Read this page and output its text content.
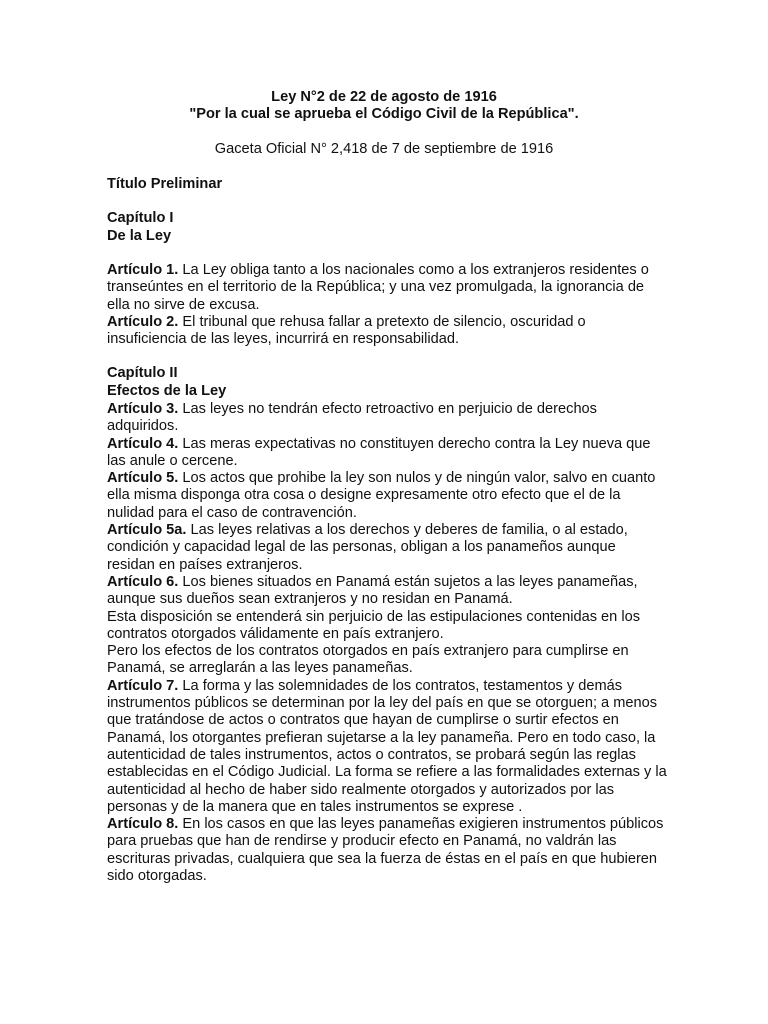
Ley N°2 de 22 de agosto de 1916
"Por la cual se aprueba el Código Civil de la República".
Gaceta Oficial N° 2,418 de 7 de septiembre de 1916
Título Preliminar
Capítulo I
De la Ley

Artículo 1. La Ley obliga tanto a los nacionales como a los extranjeros residentes o transeúntes en el territorio de la República; y una vez promulgada, la ignorancia de ella no sirve de excusa.

Artículo 2. El tribunal que rehusa fallar a pretexto de silencio, oscuridad o insuficiencia de las leyes, incurrirá en responsabilidad.

Capítulo II
Efectos de la Ley

Artículo 3. Las leyes no tendrán efecto retroactivo en perjuicio de derechos adquiridos.

Artículo 4. Las meras expectativas no constituyen derecho contra la Ley nueva que las anule o cercene.

Artículo 5. Los actos que prohibe la ley son nulos y de ningún valor, salvo en cuanto ella misma disponga otra cosa o designe expresamente otro efecto que el de la nulidad para el caso de contravención.

Artículo 5a. Las leyes relativas a los derechos y deberes de familia, o al estado, condición y capacidad legal de las personas, obligan a los panameños aunque residan en países extranjeros.

Artículo 6. Los bienes situados en Panamá están sujetos a las leyes panameñas, aunque sus dueños sean extranjeros y no residan en Panamá.

Esta disposición se entenderá sin perjuicio de las estipulaciones contenidas en los contratos otorgados válidamente en país extranjero.

Pero los efectos de los contratos otorgados en país extranjero para cumplirse en Panamá, se arreglarán a las leyes panameñas.

Artículo 7. La forma y las solemnidades de los contratos, testamentos y demás instrumentos públicos se determinan por la ley del país en que se otorguen; a menos que tratándose de actos o contratos que hayan de cumplirse o surtir efectos en Panamá, los otorgantes prefieran sujetarse a la ley panameña. Pero en todo caso, la autenticidad de tales instrumentos, actos o contratos, se probará según las reglas establecidas en el Código Judicial. La forma se refiere a las formalidades externas y la autenticidad al hecho de haber sido realmente otorgados y autorizados por las personas y de la manera que en tales instrumentos se exprese .

Artículo 8. En los casos en que las leyes panameñas exigieren instrumentos públicos para pruebas que han de rendirse y producir efecto en Panamá, no valdrán las escrituras privadas, cualquiera que sea la fuerza de éstas en el país en que hubieren sido otorgadas.
